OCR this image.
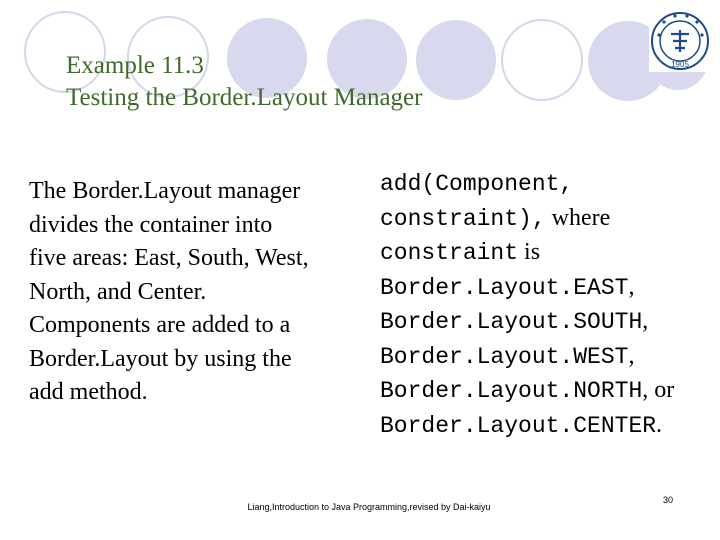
Example 11.3
Testing the Border.Layout Manager
1905
The Border.Layout manager
divides the container into
five areas: East, South, West,
North, and Center.
Components are added to a
Border.Layout by using the
add method.
add(Component,
constraint), where
constraint is
Border.Layout.EAST,
Border.Layout.SOUTH,
Border.Layout.WEST,
Border.Layout.NORTH, or
Border.Layout.CENTER.
Liang,Introduction to Java Programming,revised by Dai-kaiyu
30
